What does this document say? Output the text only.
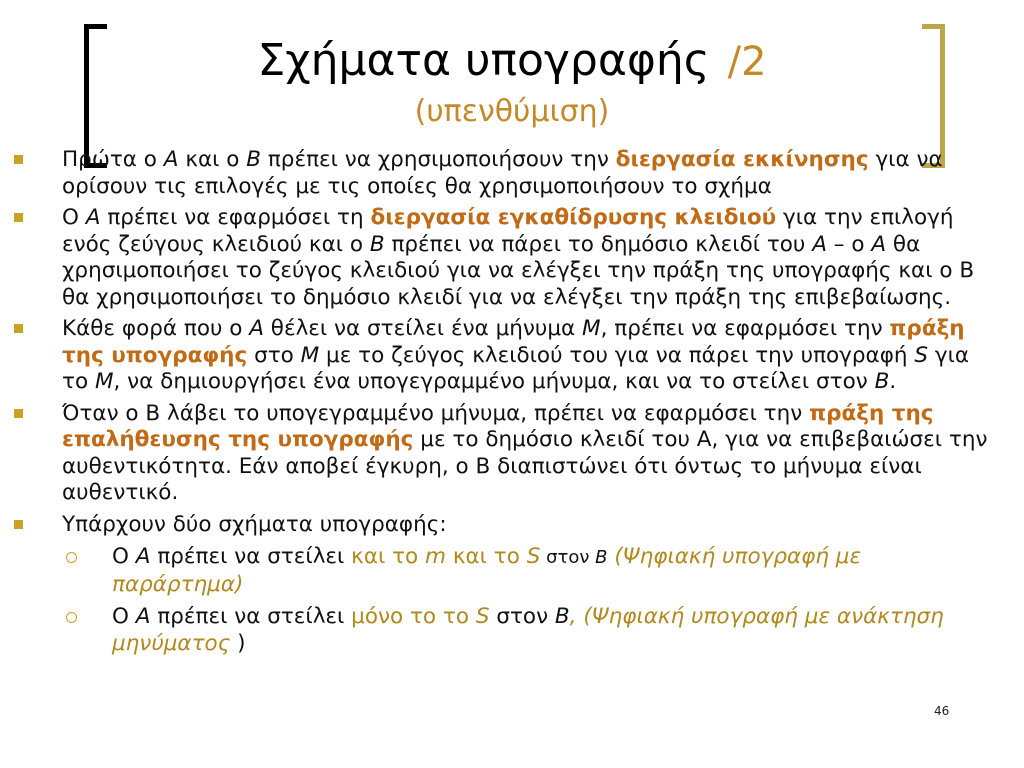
Σχήματα υπογραφής /2
(υπενθύμιση)
Πρώτα ο Α και ο Β πρέπει να χρησιμοποιήσουν την διεργασία εκκίνησης για να ορίσουν τις επιλογές με τις οποίες θα χρησιμοποιήσουν το σχήμα
Ο Α πρέπει να εφαρμόσει τη διεργασία εγκαθίδρυσης κλειδιού για την επιλογή ενός ζεύγους κλειδιού και ο Β πρέπει να πάρει το δημόσιο κλειδί του Α – ο Α θα χρησιμοποιήσει το ζεύγος κλειδιού για να ελέγξει την πράξη της υπογραφής και ο Β θα χρησιμοποιήσει το δημόσιο κλειδί για να ελέγξει την πράξη της επιβεβαίωσης.
Κάθε φορά που ο Α θέλει να στείλει ένα μήνυμα Μ, πρέπει να εφαρμόσει την πράξη της υπογραφής στο Μ με το ζεύγος κλειδιού του για να πάρει την υπογραφή S για το Μ, να δημιουργήσει ένα υπογεγραμμένο μήνυμα, και να το στείλει στον Β.
Όταν ο Β λάβει το υπογεγραμμένο μήνυμα, πρέπει να εφαρμόσει την πράξη της επαλήθευσης της υπογραφής με το δημόσιο κλειδί του Α, για να επιβεβαιώσει την αυθεντικότητα. Εάν αποβεί έγκυρη, ο Β διαπιστώνει ότι όντως το μήνυμα είναι αυθεντικό.
Υπάρχουν δύο σχήματα υπογραφής:
Ο Α πρέπει να στείλει και το m και το S στον Β (Ψηφιακή υπογραφή με παράρτημα)
Ο Α πρέπει να στείλει μόνο το το S στον Β, (Ψηφιακή υπογραφή με ανάκτηση μηνύματος )
46
